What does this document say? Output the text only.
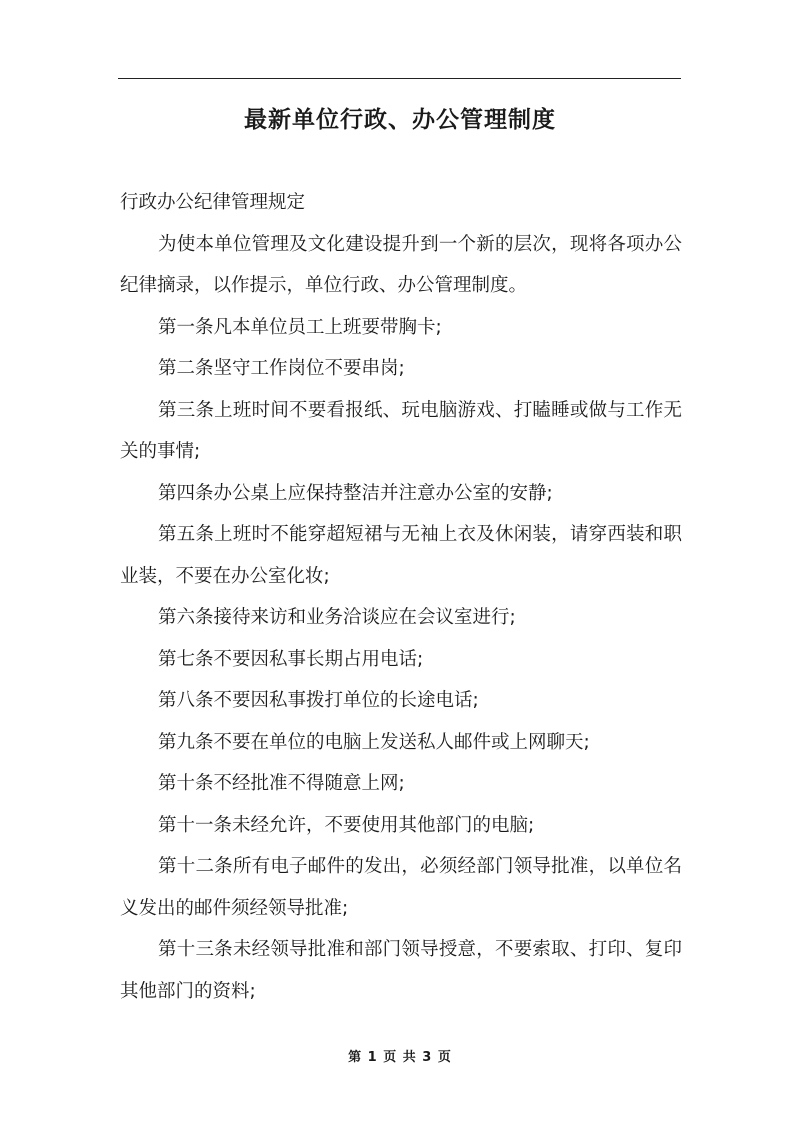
最新单位行政、办公管理制度

行政办公纪律管理规定

为使本单位管理及文化建设提升到一个新的层次，现将各项办公纪律摘录，以作提示，单位行政、办公管理制度。

第一条凡本单位员工上班要带胸卡;

第二条坚守工作岗位不要串岗;

第三条上班时间不要看报纸、玩电脑游戏、打瞌睡或做与工作无关的事情;

第四条办公桌上应保持整洁并注意办公室的安静;

第五条上班时不能穿超短裙与无袖上衣及休闲装，请穿西装和职业装，不要在办公室化妆;

第六条接待来访和业务洽谈应在会议室进行;

第七条不要因私事长期占用电话;

第八条不要因私事拨打单位的长途电话;

第九条不要在单位的电脑上发送私人邮件或上网聊天;

第十条不经批准不得随意上网;

第十一条未经允许，不要使用其他部门的电脑;

第十二条所有电子邮件的发出，必须经部门领导批准，以单位名义发出的邮件须经领导批准;

第十三条未经领导批准和部门领导授意，不要索取、打印、复印其他部门的资料;

第 1 页 共 3 页
